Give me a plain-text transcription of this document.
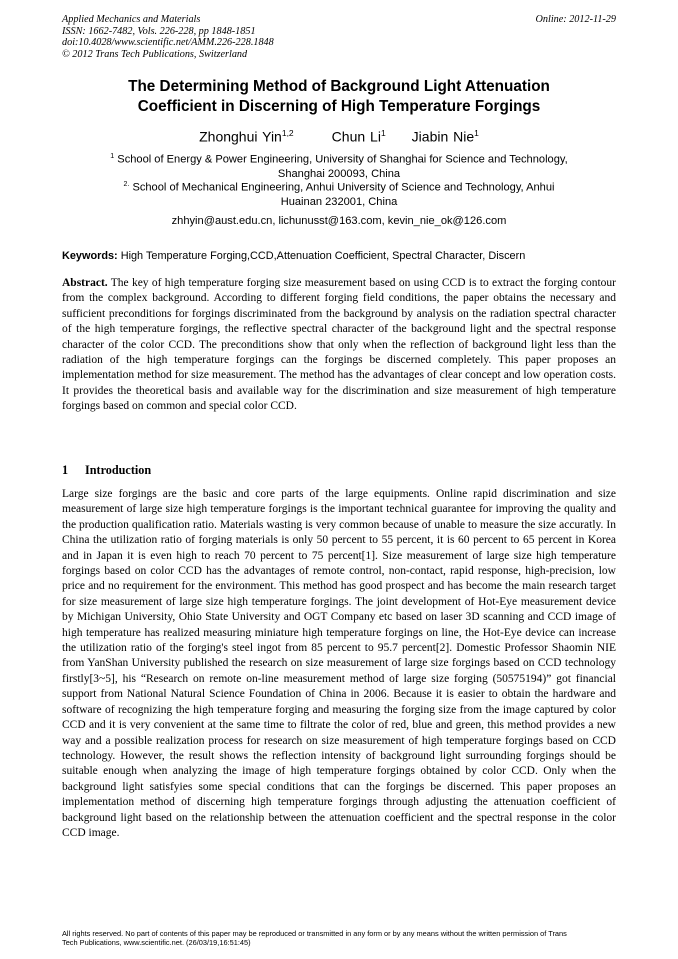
Applied Mechanics and Materials
ISSN: 1662-7482, Vols. 226-228, pp 1848-1851
doi:10.4028/www.scientific.net/AMM.226-228.1848
© 2012 Trans Tech Publications, Switzerland
Online: 2012-11-29
The Determining Method of Background Light Attenuation
Coefficient in Discerning of High Temperature Forgings
Zhonghui Yin$^{1,2}$	Chun Li$^1$ Jiabin Nie$^1$
$^1$ School of Energy & Power Engineering, University of Shanghai for Science and Technology,
Shanghai 200093, China
$^{2.}$ School of Mechanical Engineering, Anhui University of Science and Technology, Anhui
Huainan 232001, China
zhhyin@aust.edu.cn, lichunusst@163.com, kevin_nie_ok@126.com
Keywords: High Temperature Forging,CCD,Attenuation Coefficient, Spectral Character, Discern
Abstract. The key of high temperature forging size measurement based on using CCD is to extract the forging contour from the complex background. According to different forging field conditions, the paper obtains the necessary and sufficient preconditions for forgings discriminated from the background by analysis on the radiation spectral character of the high temperature forgings, the reflective spectral character of the background light and the spectral response character of the color CCD. The preconditions show that only when the reflection of background light less than the radiation of the high temperature forgings can the forgings be discerned completely. This paper proposes an implementation method for size measurement. The method has the advantages of clear concept and low operation costs. It provides the theoretical basis and available way for the discrimination and size measurement of high temperature forgings based on common and special color CCD.
1 Introduction
Large size forgings are the basic and core parts of the large equipments. Online rapid discrimination and size measurement of large size high temperature forgings is the important technical guarantee for improving the quality and the production qualification ratio. Materials wasting is very common because of unable to measure the size accuratly. In China the utilization ratio of forging materials is only 50 percent to 55 percent, it is 60 percent to 65 percent in Korea and in Japan it is even high to reach 70 percent to 75 percent[1]. Size measurement of large size high temperature forgings based on color CCD has the advantages of remote control, non-contact, rapid response, high-precision, low price and no requirement for the environment. This method has good prospect and has become the main research target for size measurement of large size high temperature forgings. The joint development of Hot-Eye measurement device by Michigan University, Ohio State University and OGT Company etc based on laser 3D scanning and CCD image of high temperature has realized measuring miniature high temperature forgings on line, the Hot-Eye device can increase the utilization ratio of the forging's steel ingot from 85 percent to 95.7 percent[2]. Domestic Professor Shaomin NIE from YanShan University published the research on size measurement of large size forgings based on CCD technology firstly[3~5], his “Research on remote on-line measurement method of large size forging (50575194)” got financial support from National Natural Science Foundation of China in 2006. Because it is easier to obtain the hardware and software of recognizing the high temperature forging and measuring the forging size from the image captured by color CCD and it is very convenient at the same time to filtrate the color of red, blue and green, this method provides a new way and a possible realization process for research on size measurement of high temperature forgings based on CCD technology. However, the result shows the reflection intensity of background light surrounding forgings should be suitable enough when analyzing the image of high temperature forgings obtained by color CCD. Only when the background light satisfyies some special conditions that can the forgings be discerned. This paper proposes an implementation method of discerning high temperature forgings through adjusting the attenuation coefficient of background light based on the relationship between the attenuation coefficient and the spectral response in the color CCD image.
All rights reserved. No part of contents of this paper may be reproduced or transmitted in any form or by any means without the written permission of Trans
Tech Publications, www.scientific.net. (26/03/19,16:51:45)
